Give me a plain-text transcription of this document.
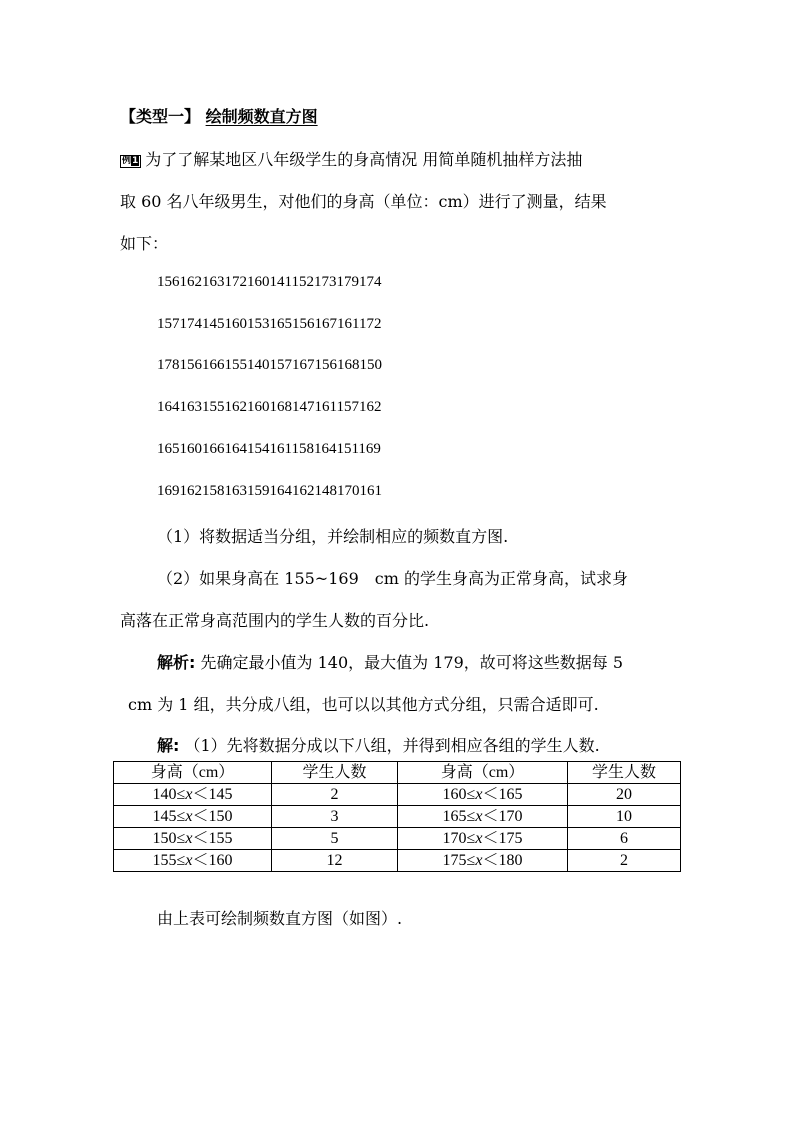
【类型一】 绘制频数直方图
例1 为了了解某地区八年级学生的身高情况 用简单随机抽样方法抽
取 60 名八年级男生，对他们的身高（单位：cm）进行了测量，结果
如下：
156162163172160141152173179174
157174145160153165156167161172
178156166155140157167156168150
164163155162160168147161157162
165160166164154161158164151169
169162158163159164162148170161
（1）将数据适当分组，并绘制相应的频数直方图.
（2）如果身高在 155~169　cm 的学生身高为正常身高，试求身
高落在正常身高范围内的学生人数的百分比.
解析: 先确定最小值为 140，最大值为 179，故可将这些数据每 5
cm 为 1 组，共分成八组，也可以以其他方式分组，只需合适即可.
解: （1）先将数据分成以下八组，并得到相应各组的学生人数.
身高（cm）	学生人数	身高（cm）	学生人数
140≤x＜145	2	160≤x＜165	20
145≤x＜150	3	165≤x＜170	10
150≤x＜155	5	170≤x＜175	6
155≤x＜160	12	175≤x＜180	2
由上表可绘制频数直方图（如图）.
